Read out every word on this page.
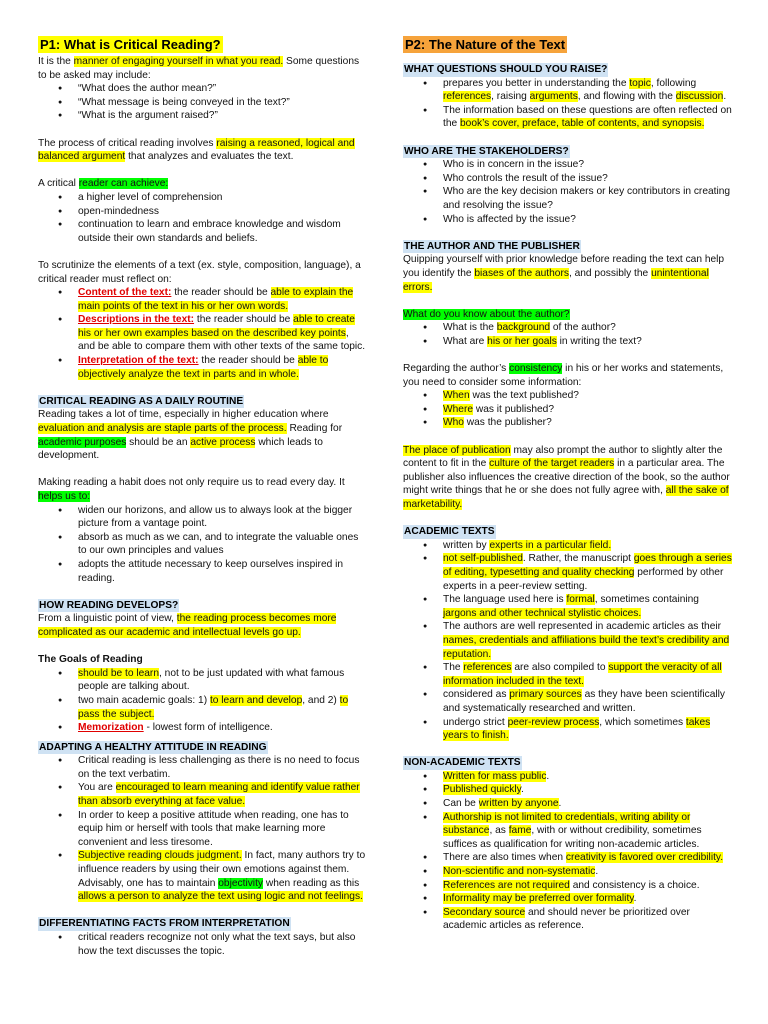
P1: What is Critical Reading?

It is the manner of engaging yourself in what you read. Some questions to be asked may include:

● “What does the author mean?”
● “What message is being conveyed in the text?”
● “What is the argument raised?”

The process of critical reading involves raising a reasoned, logical and balanced argument that analyzes and evaluates the text.

A critical reader can achieve:

● a higher level of comprehension
● open-mindedness
● continuation to learn and embrace knowledge and wisdom outside their own standards and beliefs.

To scrutinize the elements of a text (ex. style, composition, language), a critical reader must reflect on:

● Content of the text: the reader should be able to explain the main points of the text in his or her own words.
● Descriptions in the text: the reader should be able to create his or her own examples based on the described key points, and be able to compare them with other texts of the same topic.
● Interpretation of the text: the reader should be able to objectively analyze the text in parts and in whole.
CRITICAL READING AS A DAILY ROUTINE

Reading takes a lot of time, especially in higher education where evaluation and analysis are staple parts of the process. Reading for academic purposes should be an active process which leads to development.

Making reading a habit does not only require us to read every day. It helps us to:

● widen our horizons, and allow us to always look at the bigger picture from a vantage point.
● absorb as much as we can, and to integrate the valuable ones to our own principles and values
● adopts the attitude necessary to keep ourselves inspired in reading.
HOW READING DEVELOPS?

From a linguistic point of view, the reading process becomes more complicated as our academic and intellectual levels go up.

The Goals of Reading

● should be to learn, not to be just updated with what famous people are talking about.
● two main academic goals: 1) to learn and develop, and 2) to pass the subject.
● Memorization - lowest form of intelligence.
ADAPTING A HEALTHY ATTITUDE IN READING
● Critical reading is less challenging as there is no need to focus on the text verbatim.
● You are encouraged to learn meaning and identify value rather than absorb everything at face value.
● In order to keep a positive attitude when reading, one has to equip him or herself with tools that make learning more convenient and less tiresome.
● Subjective reading clouds judgment. In fact, many authors try to influence readers by using their own emotions against them. Advisably, one has to maintain objectivity when reading as this allows a person to analyze the text using logic and not feelings.
DIFFERENTIATING FACTS FROM INTERPRETATION
● critical readers recognize not only what the text says, but also how the text discusses the topic.
P2: The Nature of the Text
WHAT QUESTIONS SHOULD YOU RAISE?
● prepares you better in understanding the topic, following references, raising arguments, and flowing with the discussion.
● The information based on these questions are often reflected on the book’s cover, preface, table of contents, and synopsis.
WHO ARE THE STAKEHOLDERS?
● Who is in concern in the issue?
● Who controls the result of the issue?
● Who are the key decision makers or key contributors in creating and resolving the issue?
● Who is affected by the issue?
THE AUTHOR AND THE PUBLISHER

Quipping yourself with prior knowledge before reading the text can help you identify the biases of the authors, and possibly the unintentional errors.

What do you know about the author?

● What is the background of the author?
● What are his or her goals in writing the text?

Regarding the author’s consistency in his or her works and statements, you need to consider some information:

● When was the text published?
● Where was it published?
● Who was the publisher?

The place of publication may also prompt the author to slightly alter the content to fit in the culture of the target readers in a particular area. The publisher also influences the creative direction of the book, so the author might write things that he or she does not fully agree with, all the sake of marketability.

ACADEMIC TEXTS
● written by experts in a particular field.
● not self-published. Rather, the manuscript goes through a series of editing, typesetting and quality checking performed by other experts in a peer-review setting.
● The language used here is formal, sometimes containing jargons and other technical stylistic choices.
● The authors are well represented in academic articles as their names, credentials and affiliations build the text’s credibility and reputation.
● The references are also compiled to support the veracity of all information included in the text.
● considered as primary sources as they have been scientifically and systematically researched and written.
● undergo strict peer-review process, which sometimes takes years to finish.
NON-ACADEMIC TEXTS
● Written for mass public.
● Published quickly.
● Can be written by anyone.
● Authorship is not limited to credentials, writing ability or substance, as fame, with or without credibility, sometimes suffices as qualification for writing non-academic articles.
● There are also times when creativity is favored over credibility.
● Non-scientific and non-systematic.
● References are not required and consistency is a choice.
● Informality may be preferred over formality.
● Secondary source and should never be prioritized over academic articles as reference.
